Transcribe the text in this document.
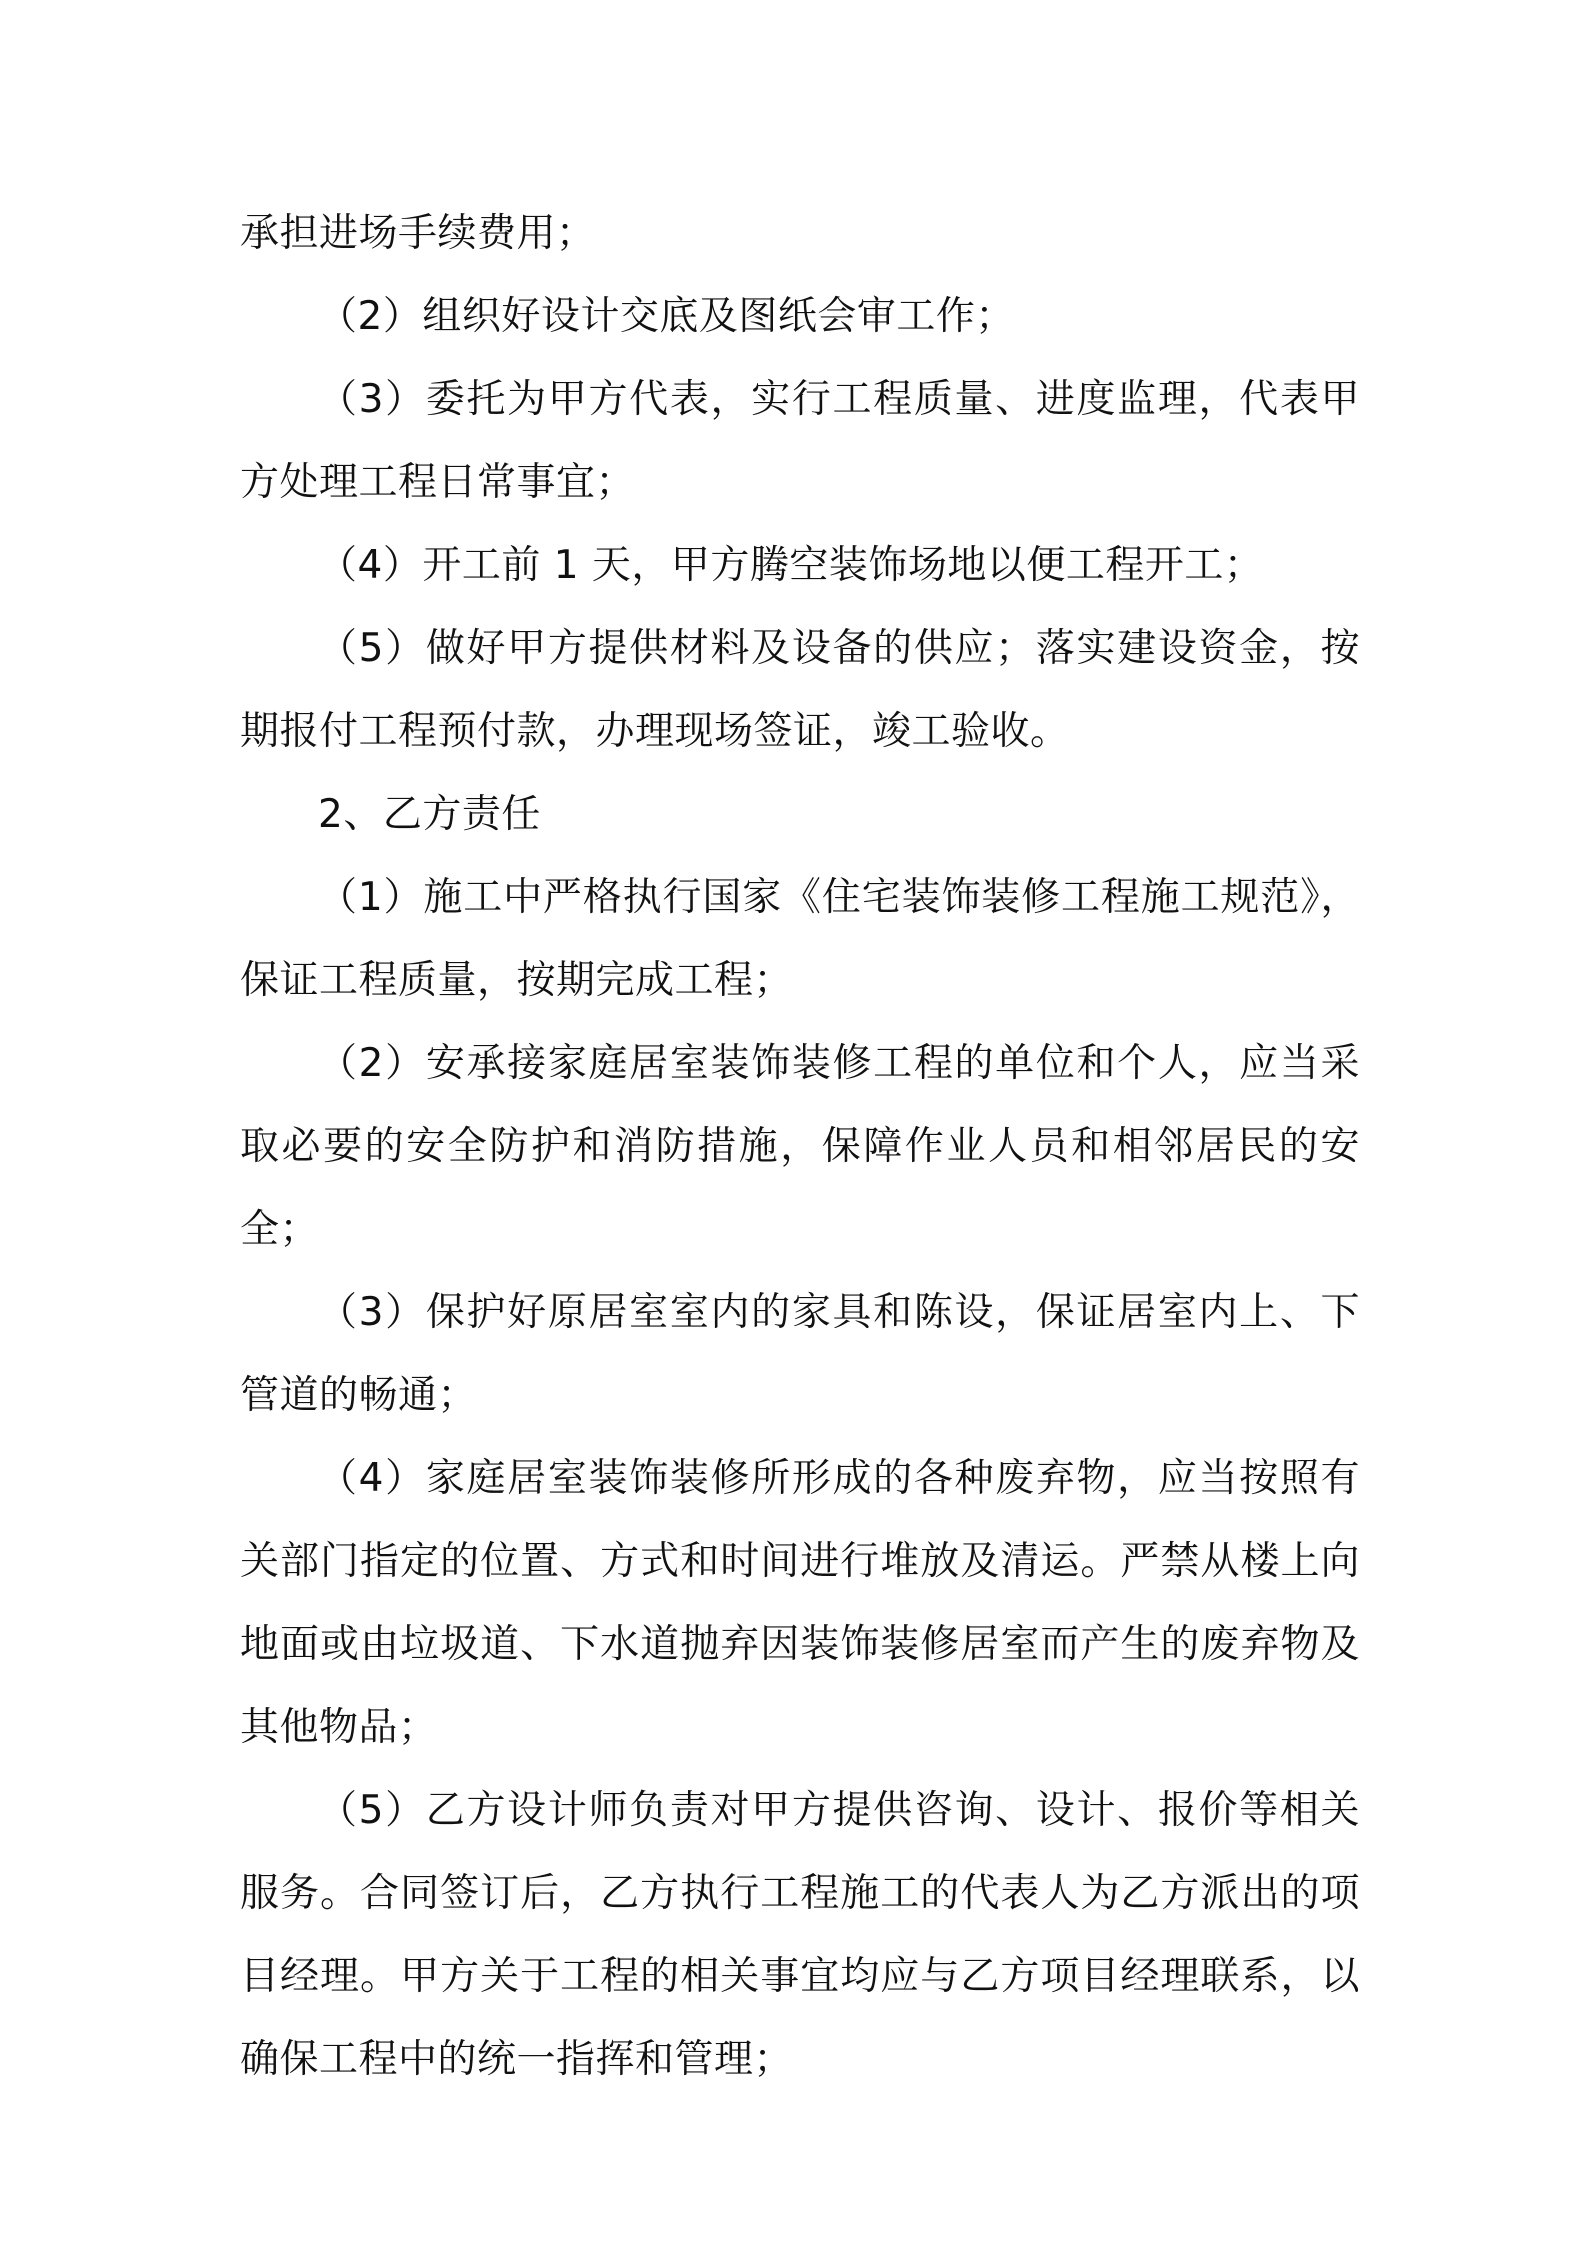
承担进场手续费用；

（2）组织好设计交底及图纸会审工作；

（3）委托为甲方代表，实行工程质量、进度监理，代表甲方处理工程日常事宜；

（4）开工前 1 天，甲方腾空装饰场地以便工程开工；

（5）做好甲方提供材料及设备的供应；落实建设资金，按期报付工程预付款，办理现场签证，竣工验收。

2、乙方责任

（1）施工中严格执行国家《住宅装饰装修工程施工规范》，保证工程质量，按期完成工程；

（2）安承接家庭居室装饰装修工程的单位和个人，应当采取必要的安全防护和消防措施，保障作业人员和相邻居民的安全；

（3）保护好原居室室内的家具和陈设，保证居室内上、下管道的畅通；

（4）家庭居室装饰装修所形成的各种废弃物，应当按照有关部门指定的位置、方式和时间进行堆放及清运。严禁从楼上向地面或由垃圾道、下水道抛弃因装饰装修居室而产生的废弃物及其他物品；

（5）乙方设计师负责对甲方提供咨询、设计、报价等相关服务。合同签订后，乙方执行工程施工的代表人为乙方派出的项目经理。甲方关于工程的相关事宜均应与乙方项目经理联系，以确保工程中的统一指挥和管理；
